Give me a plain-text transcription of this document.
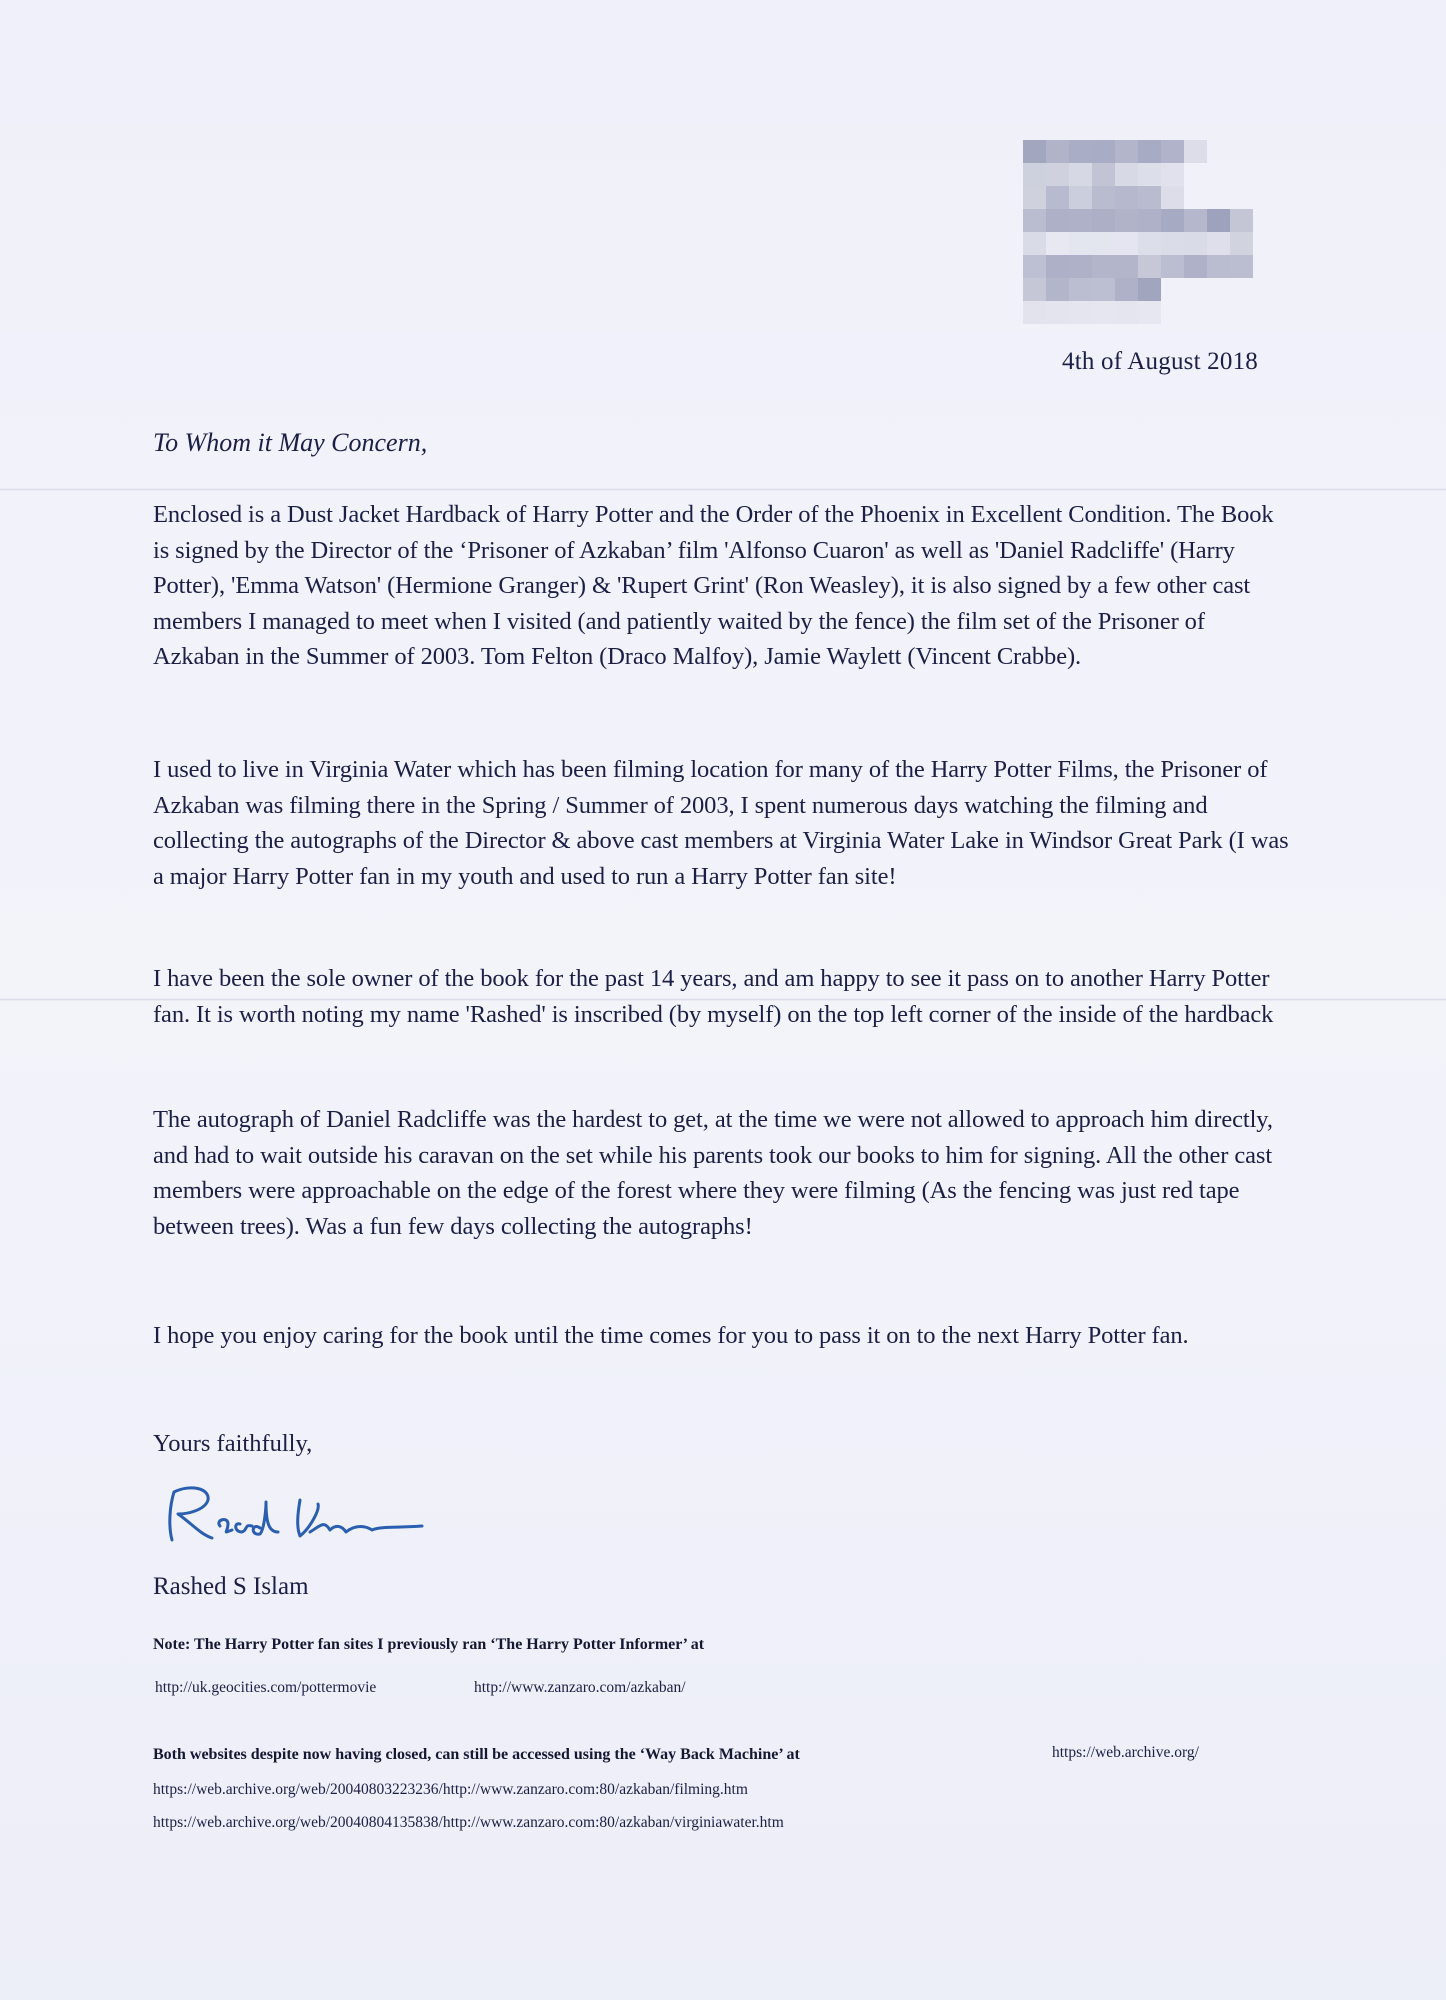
4th of August 2018
To Whom it May Concern,
Enclosed is a Dust Jacket Hardback of Harry Potter and the Order of the Phoenix in Excellent Condition. The Book is signed by the Director of the ‘Prisoner of Azkaban’ film 'Alfonso Cuaron' as well as 'Daniel Radcliffe' (Harry Potter), 'Emma Watson' (Hermione Granger) & 'Rupert Grint' (Ron Weasley), it is also signed by a few other cast members I managed to meet when I visited (and patiently waited by the fence) the film set of the Prisoner of Azkaban in the Summer of 2003. Tom Felton (Draco Malfoy), Jamie Waylett (Vincent Crabbe).
I used to live in Virginia Water which has been filming location for many of the Harry Potter Films, the Prisoner of Azkaban was filming there in the Spring / Summer of 2003, I spent numerous days watching the filming and collecting the autographs of the Director & above cast members at Virginia Water Lake in Windsor Great Park (I was a major Harry Potter fan in my youth and used to run a Harry Potter fan site!
I have been the sole owner of the book for the past 14 years, and am happy to see it pass on to another Harry Potter fan. It is worth noting my name 'Rashed' is inscribed (by myself) on the top left corner of the inside of the hardback
The autograph of Daniel Radcliffe was the hardest to get, at the time we were not allowed to approach him directly, and had to wait outside his caravan on the set while his parents took our books to him for signing. All the other cast members were approachable on the edge of the forest where they were filming (As the fencing was just red tape between trees). Was a fun few days collecting the autographs!
I hope you enjoy caring for the book until the time comes for you to pass it on to the next Harry Potter fan.
Yours faithfully,
Rashed S Islam
Note: The Harry Potter fan sites I previously ran ‘The Harry Potter Informer’ at
http://uk.geocities.com/pottermovie	http://www.zanzaro.com/azkaban/
Both websites despite now having closed, can still be accessed using the ‘Way Back Machine’ at	https://web.archive.org/
https://web.archive.org/web/20040803223236/http://www.zanzaro.com:80/azkaban/filming.htm
https://web.archive.org/web/20040804135838/http://www.zanzaro.com:80/azkaban/virginiawater.htm
